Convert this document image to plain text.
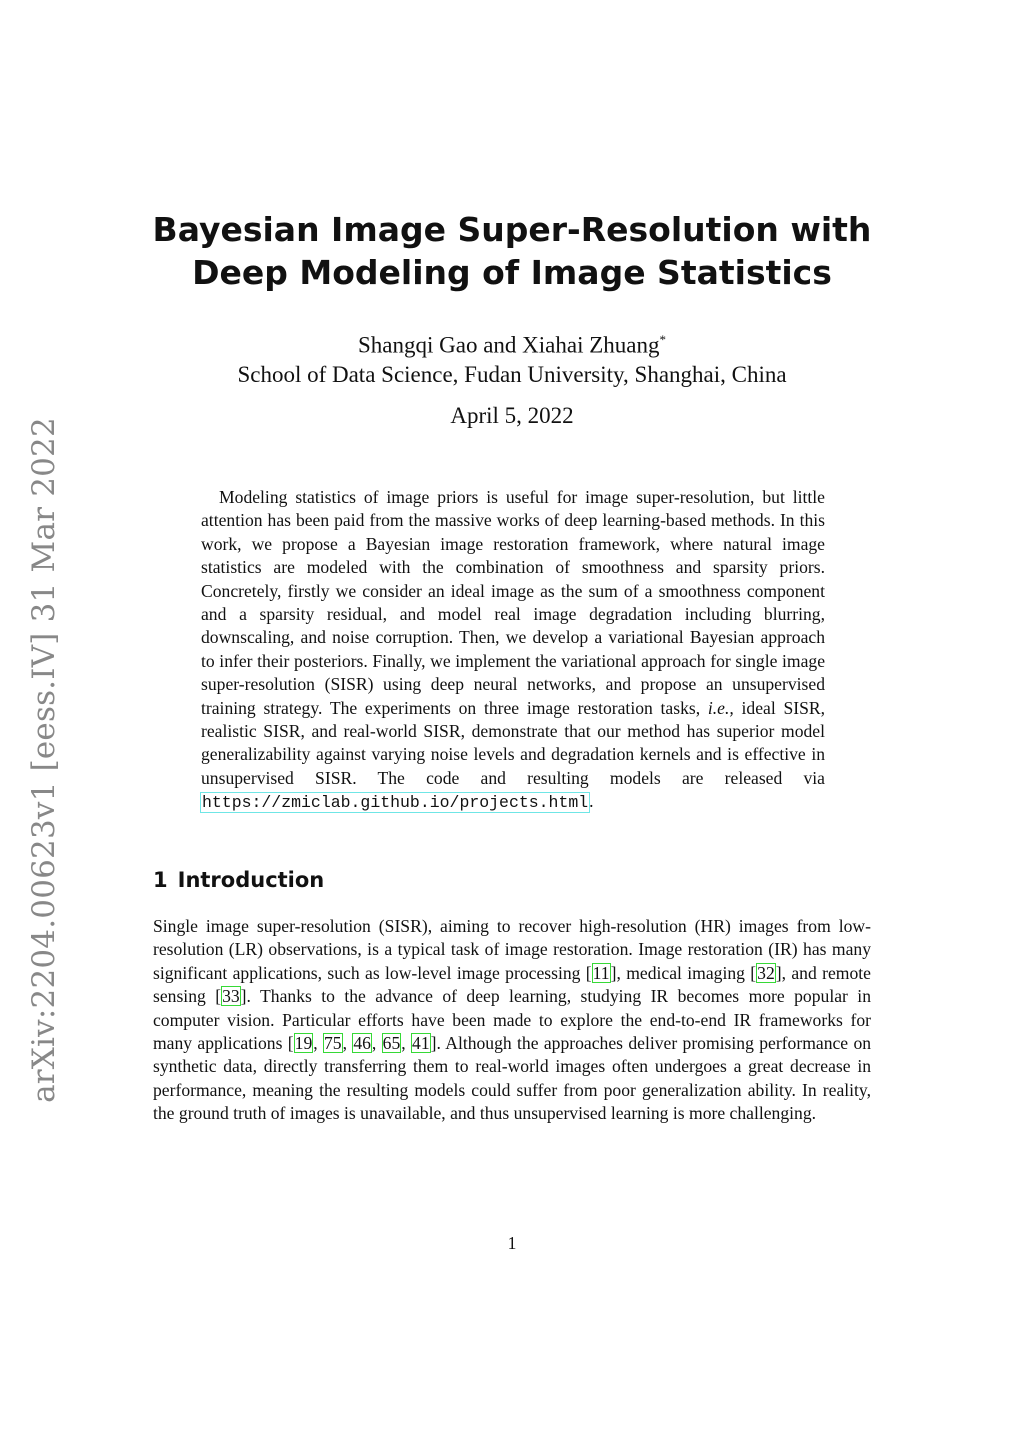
arXiv:2204.00623v1 [eess.IV] 31 Mar 2022
Bayesian Image Super-Resolution with
Deep Modeling of Image Statistics
Shangqi Gao and Xiahai Zhuang*
School of Data Science, Fudan University, Shanghai, China
April 5, 2022

Modeling statistics of image priors is useful for image super-resolution, but little attention has been paid from the massive works of deep learning-based methods. In this work, we propose a Bayesian image restoration framework, where natural image statistics are modeled with the combination of smoothness and sparsity priors. Concretely, firstly we consider an ideal image as the sum of a smoothness component and a sparsity residual, and model real image degradation including blurring, downscaling, and noise corruption. Then, we develop a variational Bayesian approach to infer their posteriors. Finally, we implement the variational approach for single image super-resolution (SISR) using deep neural networks, and propose an unsupervised training strategy. The experiments on three image restoration tasks, i.e., ideal SISR, realistic SISR, and real-world SISR, demonstrate that our method has superior model generalizability against varying noise levels and degradation kernels and is effective in unsupervised SISR. The code and resulting models are released via https://zmiclab.github.io/projects.html.

1 Introduction

Single image super-resolution (SISR), aiming to recover high-resolution (HR) images from low-resolution (LR) observations, is a typical task of image restoration. Image restoration (IR) has many significant applications, such as low-level image processing [11], medical imaging [32], and remote sensing [33]. Thanks to the advance of deep learning, studying IR becomes more popular in computer vision. Particular efforts have been made to explore the end-to-end IR frameworks for many applications [19, 75, 46, 65, 41]. Although the approaches deliver promising performance on synthetic data, directly transferring them to real-world images often undergoes a great decrease in performance, meaning the resulting models could suffer from poor generalization ability. In reality, the ground truth of images is unavailable, and thus unsupervised learning is more challenging.

1
